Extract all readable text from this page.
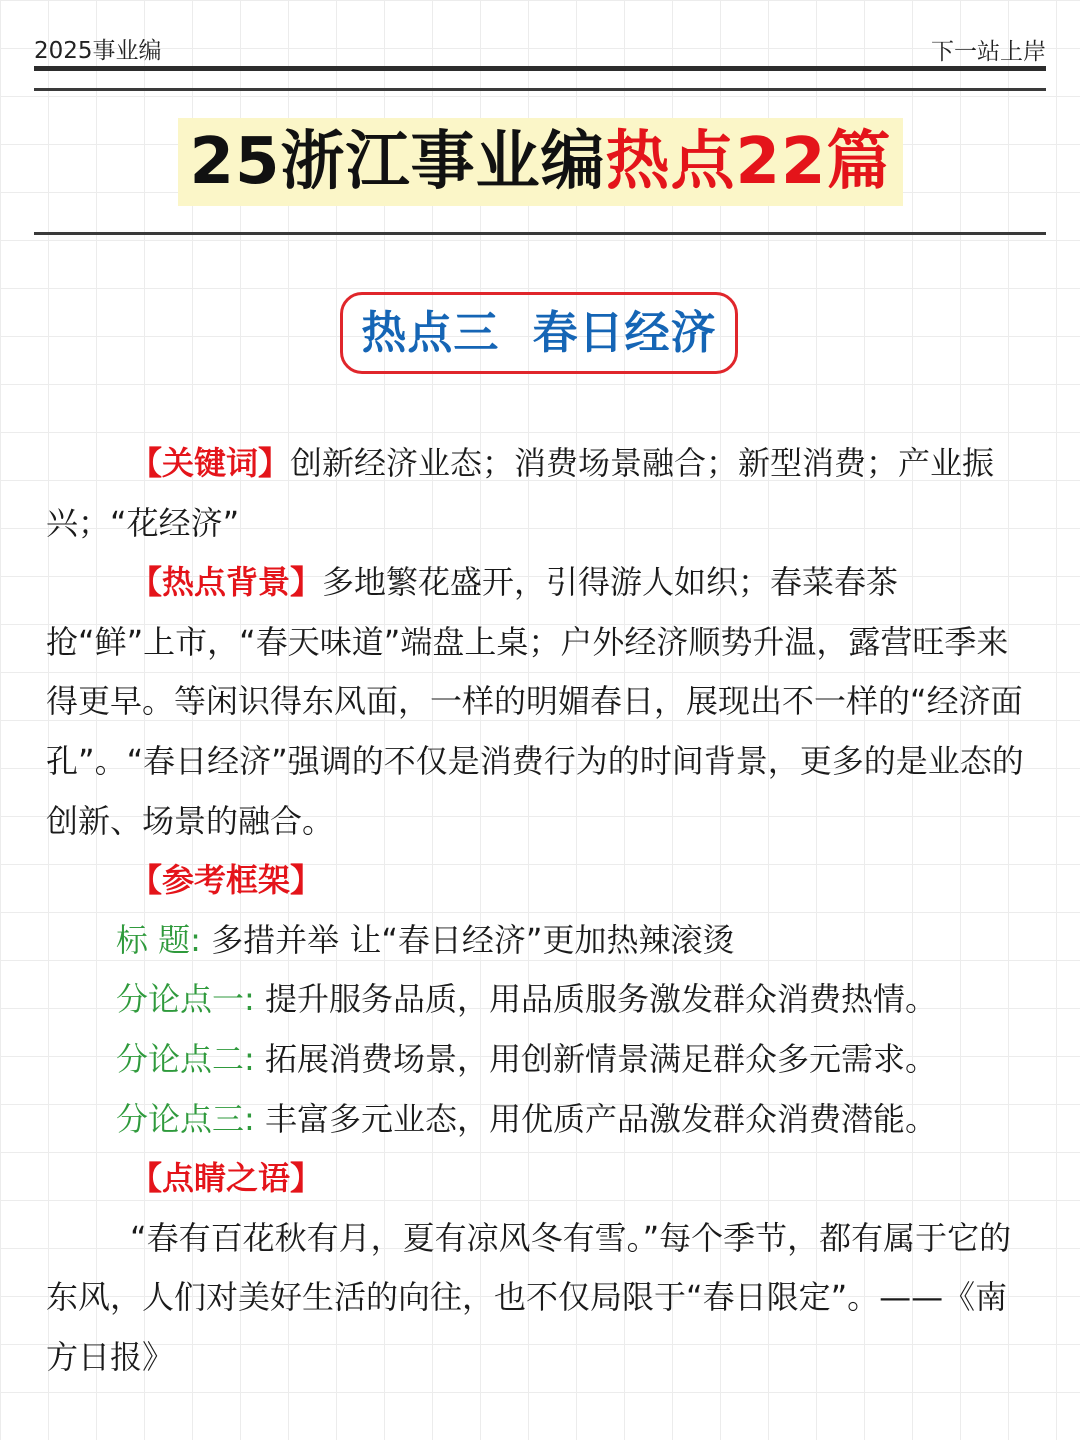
2025事业编	下一站上岸
25浙江事业编热点22篇
热点三  春日经济

【关键词】创新经济业态；消费场景融合；新型消费；产业振兴；“花经济”

【热点背景】多地繁花盛开，引得游人如织；春菜春茶抢“鲜”上市，“春天味道”端盘上桌；户外经济顺势升温，露营旺季来得更早。等闲识得东风面，一样的明媚春日，展现出不一样的“经济面孔”。“春日经济”强调的不仅是消费行为的时间背景，更多的是业态的创新、场景的融合。

【参考框架】

标 题: 多措并举 让“春日经济”更加热辣滚烫

分论点一: 提升服务品质，用品质服务激发群众消费热情。

分论点二: 拓展消费场景，用创新情景满足群众多元需求。

分论点三: 丰富多元业态，用优质产品激发群众消费潜能。

【点睛之语】

“春有百花秋有月，夏有凉风冬有雪。”每个季节，都有属于它的东风，人们对美好生活的向往，也不仅局限于“春日限定”。——《南方日报》
